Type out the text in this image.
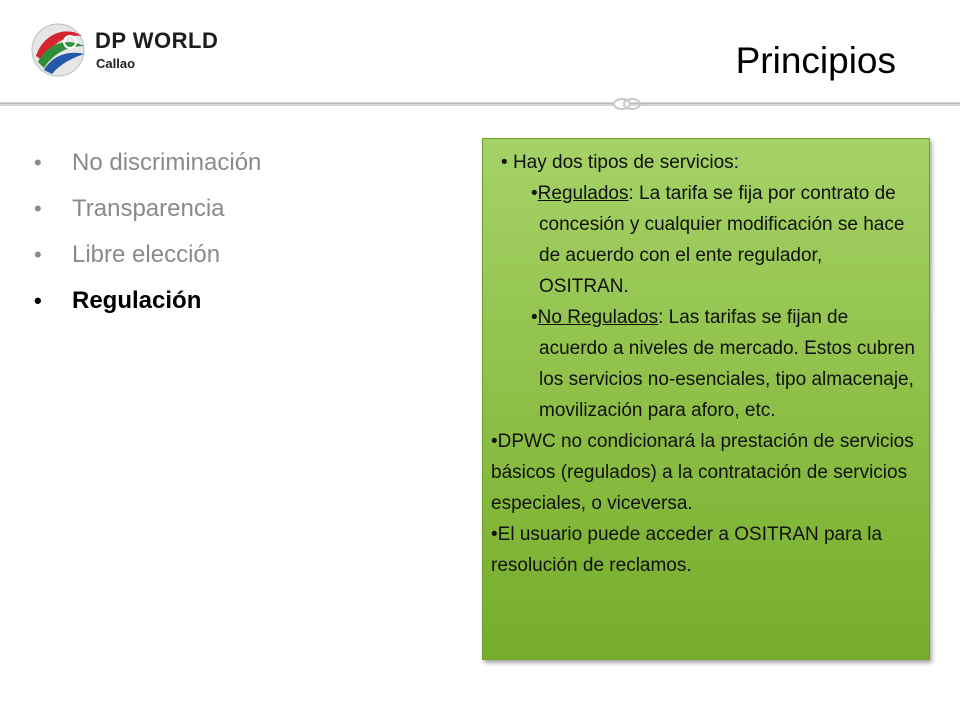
DP WORLD
Callao	Principios
• No discriminación
• Transparencia
• Libre elección
• Regulación

• Hay dos tipos de servicios:

•Regulados: La tarifa se fija por contrato de concesión y cualquier modificación se hace de acuerdo con el ente regulador, OSITRAN.

•No Regulados: Las tarifas se fijan de acuerdo a niveles de mercado. Estos cubren los servicios no-esenciales, tipo almacenaje, movilización para aforo, etc.

•DPWC no condicionará la prestación de servicios básicos (regulados) a la contratación de servicios especiales, o viceversa.

•El usuario puede acceder a OSITRAN para la resolución de reclamos.
